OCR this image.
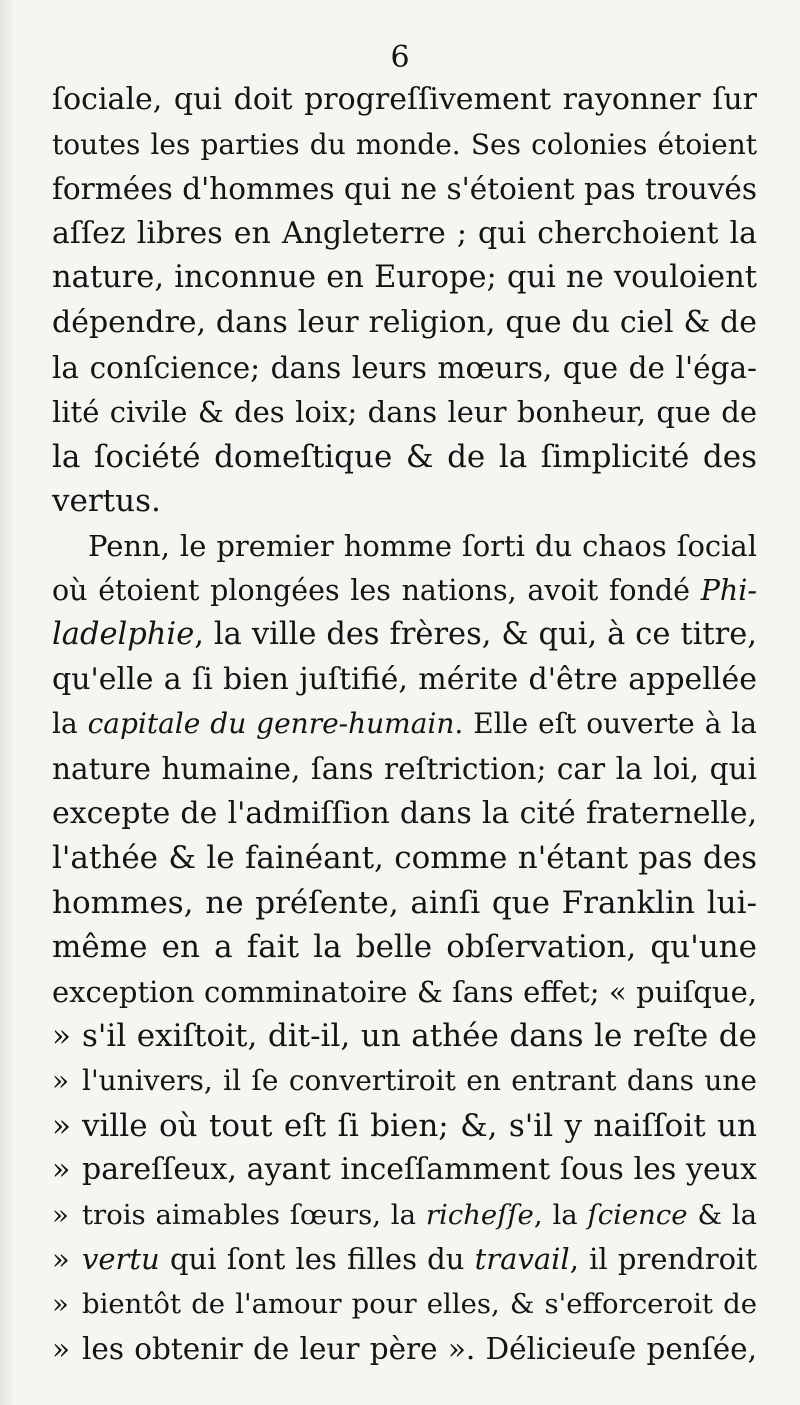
6
ſociale, qui doit progreſſivement rayonner ſur
toutes les parties du monde. Ses colonies étoient
formées d'hommes qui ne s'étoient pas trouvés
aſſez libres en Angleterre ; qui cherchoient la
nature, inconnue en Europe; qui ne vouloient
dépendre, dans leur religion, que du ciel & de
la conſcience; dans leurs mœurs, que de l'éga-
lité civile & des loix; dans leur bonheur, que de
la ſociété domeſtique & de la ſimplicité des
vertus.
Penn, le premier homme ſorti du chaos ſocial
où étoient plongées les nations, avoit fondé Phi-
ladelphie, la ville des frères, & qui, à ce titre,
qu'elle a ſi bien juſtifié, mérite d'être appellée
la capitale du genre-humain. Elle eſt ouverte à la
nature humaine, ſans reſtriction; car la loi, qui
excepte de l'admiſſion dans la cité fraternelle,
l'athée & le fainéant, comme n'étant pas des
hommes, ne préſente, ainſi que Franklin lui-
même en a fait la belle obſervation, qu'une
exception comminatoire & ſans effet; « puiſque,
» s'il exiſtoit, dit-il, un athée dans le reſte de
» l'univers, il ſe convertiroit en entrant dans une
» ville où tout eſt ſi bien; &, s'il y naiſſoit un
» pareſſeux, ayant inceſſamment ſous les yeux
» trois aimables ſœurs, la richeſſe, la ſcience & la
» vertu qui ſont les filles du travail, il prendroit
» bientôt de l'amour pour elles, & s'efforceroit de
» les obtenir de leur père ». Délicieuſe penſée,
